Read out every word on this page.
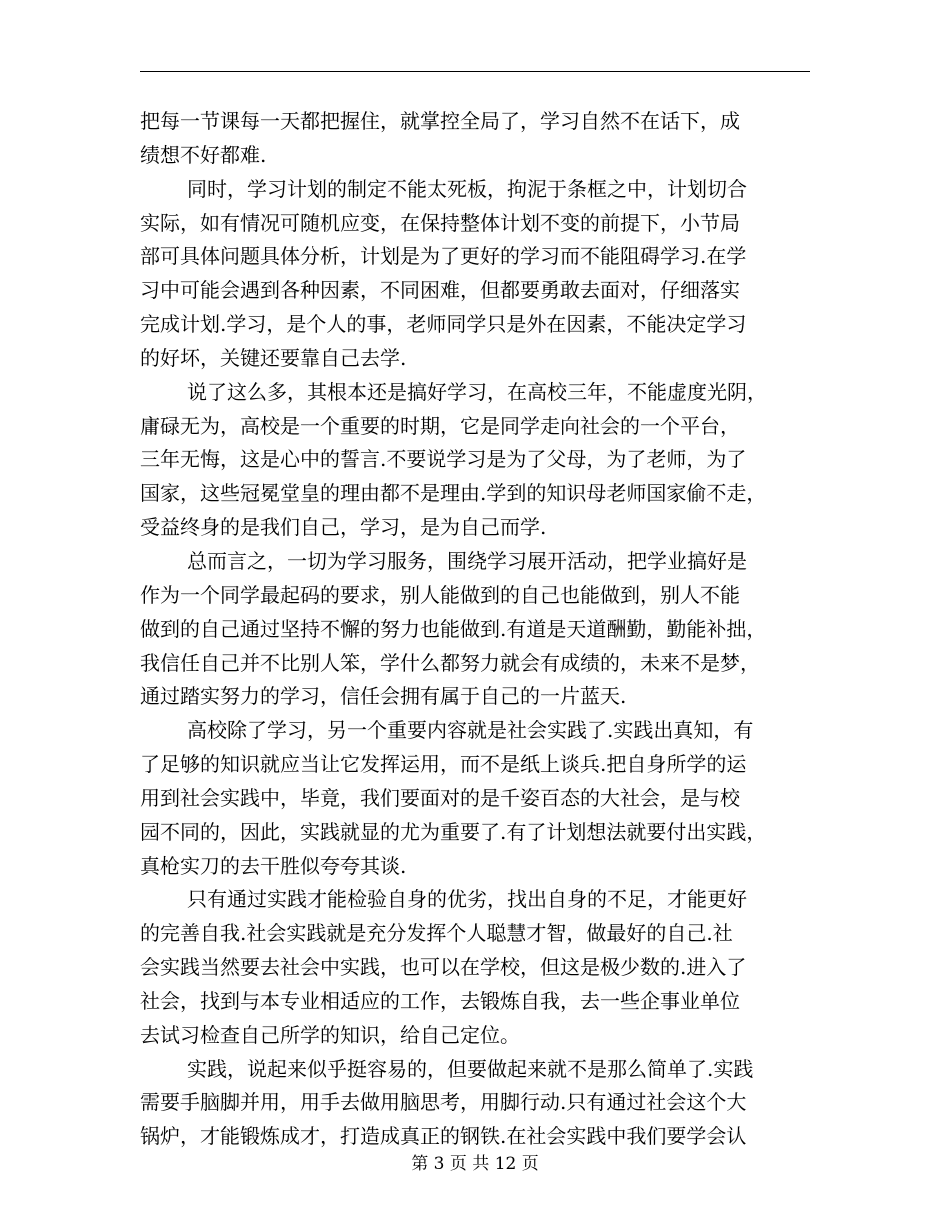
把每一节课每一天都把握住，就掌控全局了，学习自然不在话下，成
绩想不好都难.
同时，学习计划的制定不能太死板，拘泥于条框之中，计划切合
实际，如有情况可随机应变，在保持整体计划不变的前提下，小节局
部可具体问题具体分析，计划是为了更好的学习而不能阻碍学习.在学
习中可能会遇到各种因素，不同困难，但都要勇敢去面对，仔细落实
完成计划.学习，是个人的事，老师同学只是外在因素，不能决定学习
的好坏，关键还要靠自己去学.
说了这么多，其根本还是搞好学习，在高校三年，不能虚度光阴，
庸碌无为，高校是一个重要的时期，它是同学走向社会的一个平台，
三年无悔，这是心中的誓言.不要说学习是为了父母，为了老师，为了
国家，这些冠冕堂皇的理由都不是理由.学到的知识母老师国家偷不走，
受益终身的是我们自己，学习，是为自己而学.
总而言之，一切为学习服务，围绕学习展开活动，把学业搞好是
作为一个同学最起码的要求，别人能做到的自己也能做到，别人不能
做到的自己通过坚持不懈的努力也能做到.有道是天道酬勤，勤能补拙，
我信任自己并不比别人笨，学什么都努力就会有成绩的，未来不是梦，
通过踏实努力的学习，信任会拥有属于自己的一片蓝天.
高校除了学习，另一个重要内容就是社会实践了.实践出真知，有
了足够的知识就应当让它发挥运用，而不是纸上谈兵.把自身所学的运
用到社会实践中，毕竟，我们要面对的是千姿百态的大社会，是与校
园不同的，因此，实践就显的尤为重要了.有了计划想法就要付出实践，
真枪实刀的去干胜似夸夸其谈.
只有通过实践才能检验自身的优劣，找出自身的不足，才能更好
的完善自我.社会实践就是充分发挥个人聪慧才智，做最好的自己.社
会实践当然要去社会中实践，也可以在学校，但这是极少数的.进入了
社会，找到与本专业相适应的工作，去锻炼自我，去一些企事业单位
去试习检查自己所学的知识，给自己定位。
实践，说起来似乎挺容易的，但要做起来就不是那么简单了.实践
需要手脑脚并用，用手去做用脑思考，用脚行动.只有通过社会这个大
锅炉，才能锻炼成才，打造成真正的钢铁.在社会实践中我们要学会认
第 3 页 共 12 页
